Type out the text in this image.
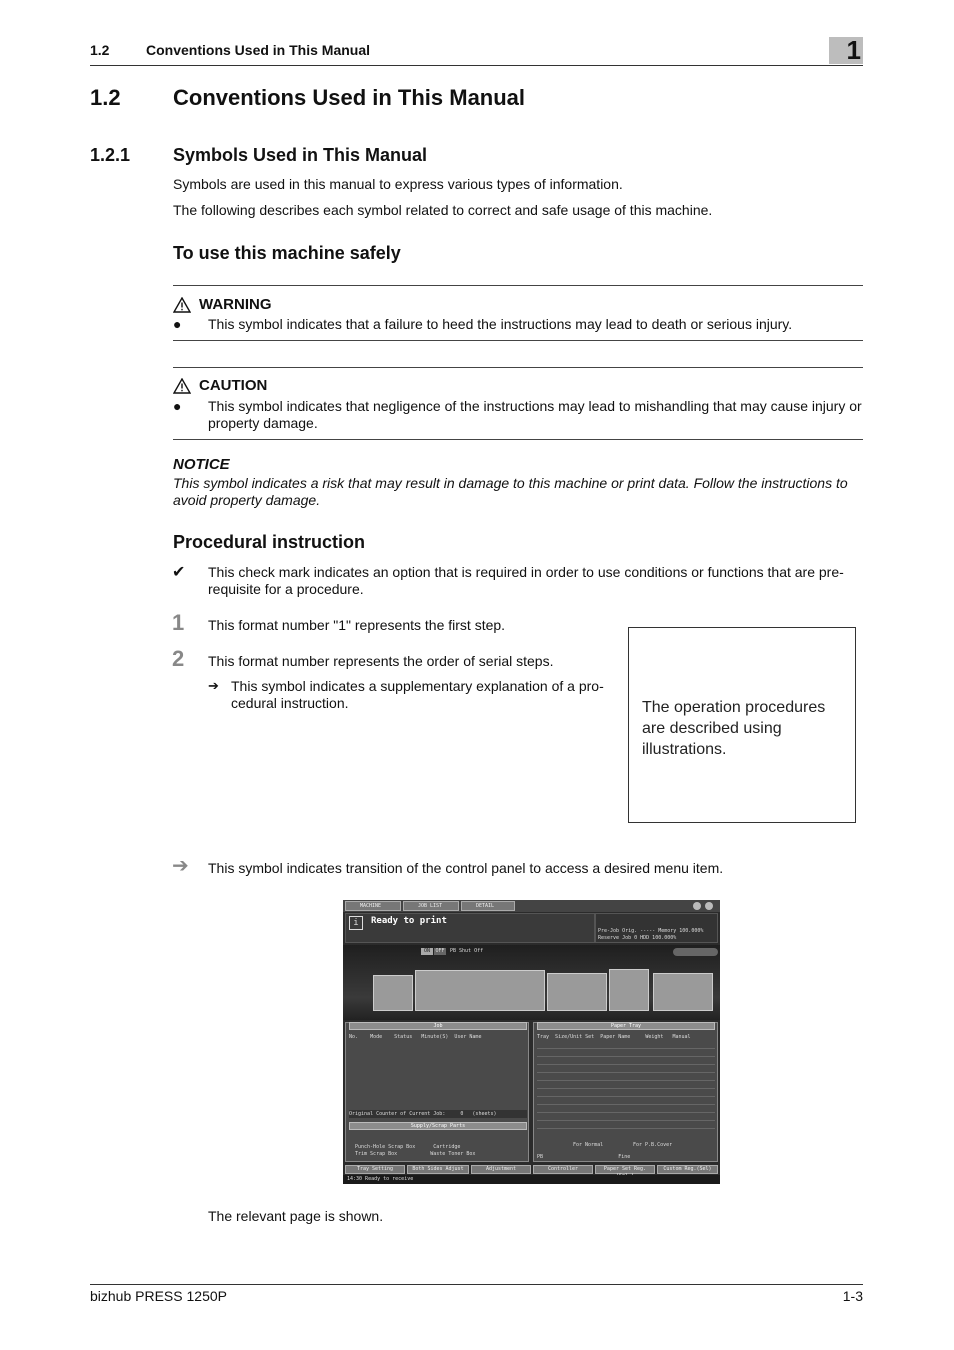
1.2	Conventions Used in This Manual	1
1.2 Conventions Used in This Manual
1.2.1 Symbols Used in This Manual
Symbols are used in this manual to express various types of information.
The following describes each symbol related to correct and safe usage of this machine.
To use this machine safely
WARNING
● This symbol indicates that a failure to heed the instructions may lead to death or serious injury.
CAUTION
● This symbol indicates that negligence of the instructions may lead to mishandling that may cause injury or property damage.
NOTICE
This symbol indicates a risk that may result in damage to this machine or print data. Follow the instructions to avoid property damage.
Procedural instruction
✔ This check mark indicates an option that is required in order to use conditions or functions that are pre-requisite for a procedure.
1 This format number "1" represents the first step.
2 This format number represents the order of serial steps.
➔ This symbol indicates a supplementary explanation of a pro-cedural instruction.	The operation procedures are described using illustrations.
➔ This symbol indicates transition of the control panel to access a desired menu item.
MACHINE	JOB LIST	DETAIL
i	Ready to print
Pre-Job Orig. ----- Memory 100.000%
Reserve Job 0 HDD 100.000%
ON	OFF PB Shut Off
Job
No.    Mode    Status   Minute(S)  User Name
Original Counter of Current Job:     0   (sheets)
Supply/Scrap Parts
Punch-Hole Scrap Box      Cartridge
Trim Scrap Box           Waste Toner Box
Paper Tray
Tray  Size/Unit Set  Paper Name     Weight   Manual
For Normal	For P.B.Cover
PB                         Fine
Tray Setting	Both Sides Adjust	Adjustment	Controller	Paper Set Reg.	Custom Reg.(Sel)
14:30 Ready to receive
The relevant page is shown.
bizhub PRESS 1250P	1-3
